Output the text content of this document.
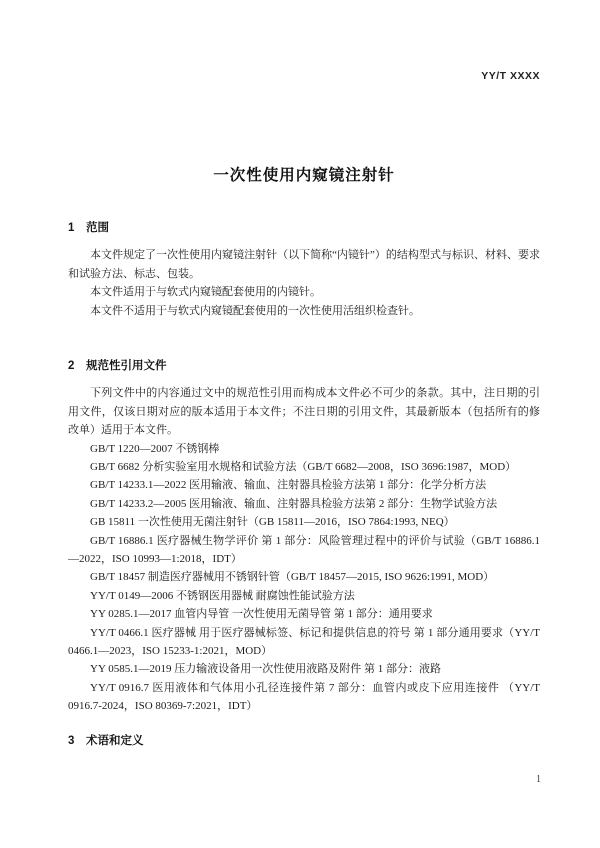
YY/T XXXX
一次性使用内窥镜注射针
1 范围

本文件规定了一次性使用内窥镜注射针（以下简称“内镜针”）的结构型式与标识、材料、要求和试验方法、标志、包装。

本文件适用于与软式内窥镜配套使用的内镜针。

本文件不适用于与软式内窥镜配套使用的一次性使用活组织检查针。

2 规范性引用文件

下列文件中的内容通过文中的规范性引用而构成本文件必不可少的条款。其中，注日期的引用文件，仅该日期对应的版本适用于本文件；不注日期的引用文件，其最新版本（包括所有的修改单）适用于本文件。

GB/T 1220—2007 不锈钢棒

GB/T 6682 分析实验室用水规格和试验方法（GB/T 6682—2008，ISO 3696:1987，MOD）

GB/T 14233.1—2022 医用输液、输血、注射器具检验方法第 1 部分：化学分析方法

GB/T 14233.2—2005 医用输液、输血、注射器具检验方法第 2 部分：生物学试验方法

GB 15811 一次性使用无菌注射针（GB 15811—2016，ISO 7864:1993, NEQ）

GB/T 16886.1 医疗器械生物学评价 第 1 部分：风险管理过程中的评价与试验（GB/T 16886.1—2022，ISO 10993—1:2018，IDT）

GB/T 18457 制造医疗器械用不锈钢针管（GB/T 18457—2015, ISO 9626:1991, MOD）

YY/T 0149—2006 不锈钢医用器械 耐腐蚀性能试验方法

YY 0285.1—2017 血管内导管 一次性使用无菌导管 第 1 部分：通用要求

YY/T 0466.1 医疗器械 用于医疗器械标签、标记和提供信息的符号 第 1 部分通用要求（YY/T 0466.1—2023，ISO 15233-1:2021，MOD）

YY 0585.1—2019 压力输液设备用一次性使用液路及附件 第 1 部分：液路

YY/T 0916.7 医用液体和气体用小孔径连接件第 7 部分：血管内或皮下应用连接件 （YY/T 0916.7-2024，ISO 80369-7:2021，IDT）

3 术语和定义
1
